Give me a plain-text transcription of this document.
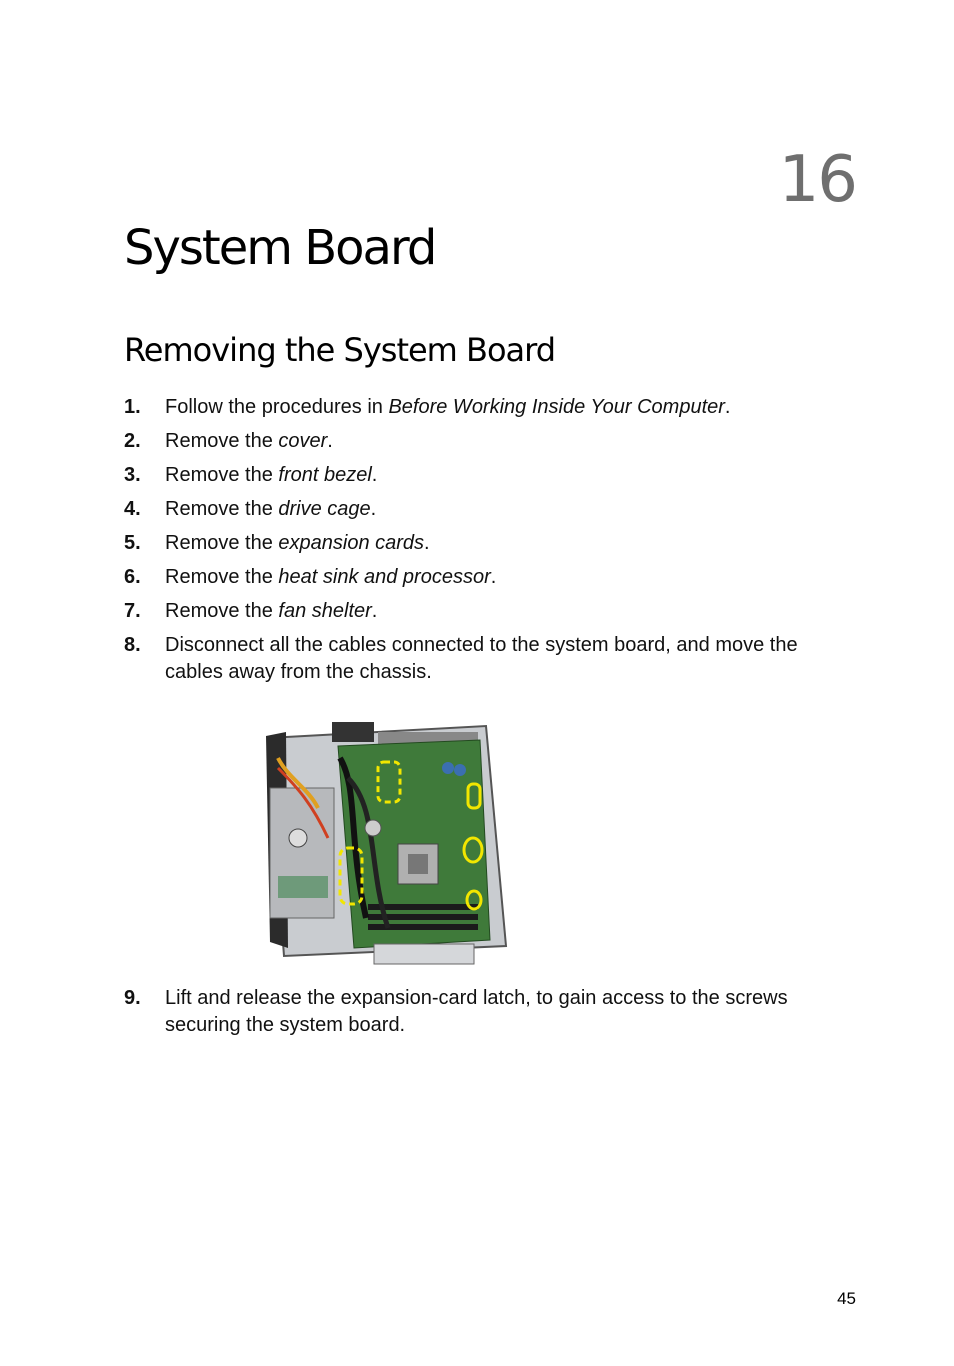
16
System Board
Removing the System Board
1. Follow the procedures in Before Working Inside Your Computer.
2. Remove the cover.
3. Remove the front bezel.
4. Remove the drive cage.
5. Remove the expansion cards.
6. Remove the heat sink and processor.
7. Remove the fan shelter.
8. Disconnect all the cables connected to the system board, and move the cables away from the chassis.
9. Lift and release the expansion-card latch, to gain access to the screws securing the system board.
45
